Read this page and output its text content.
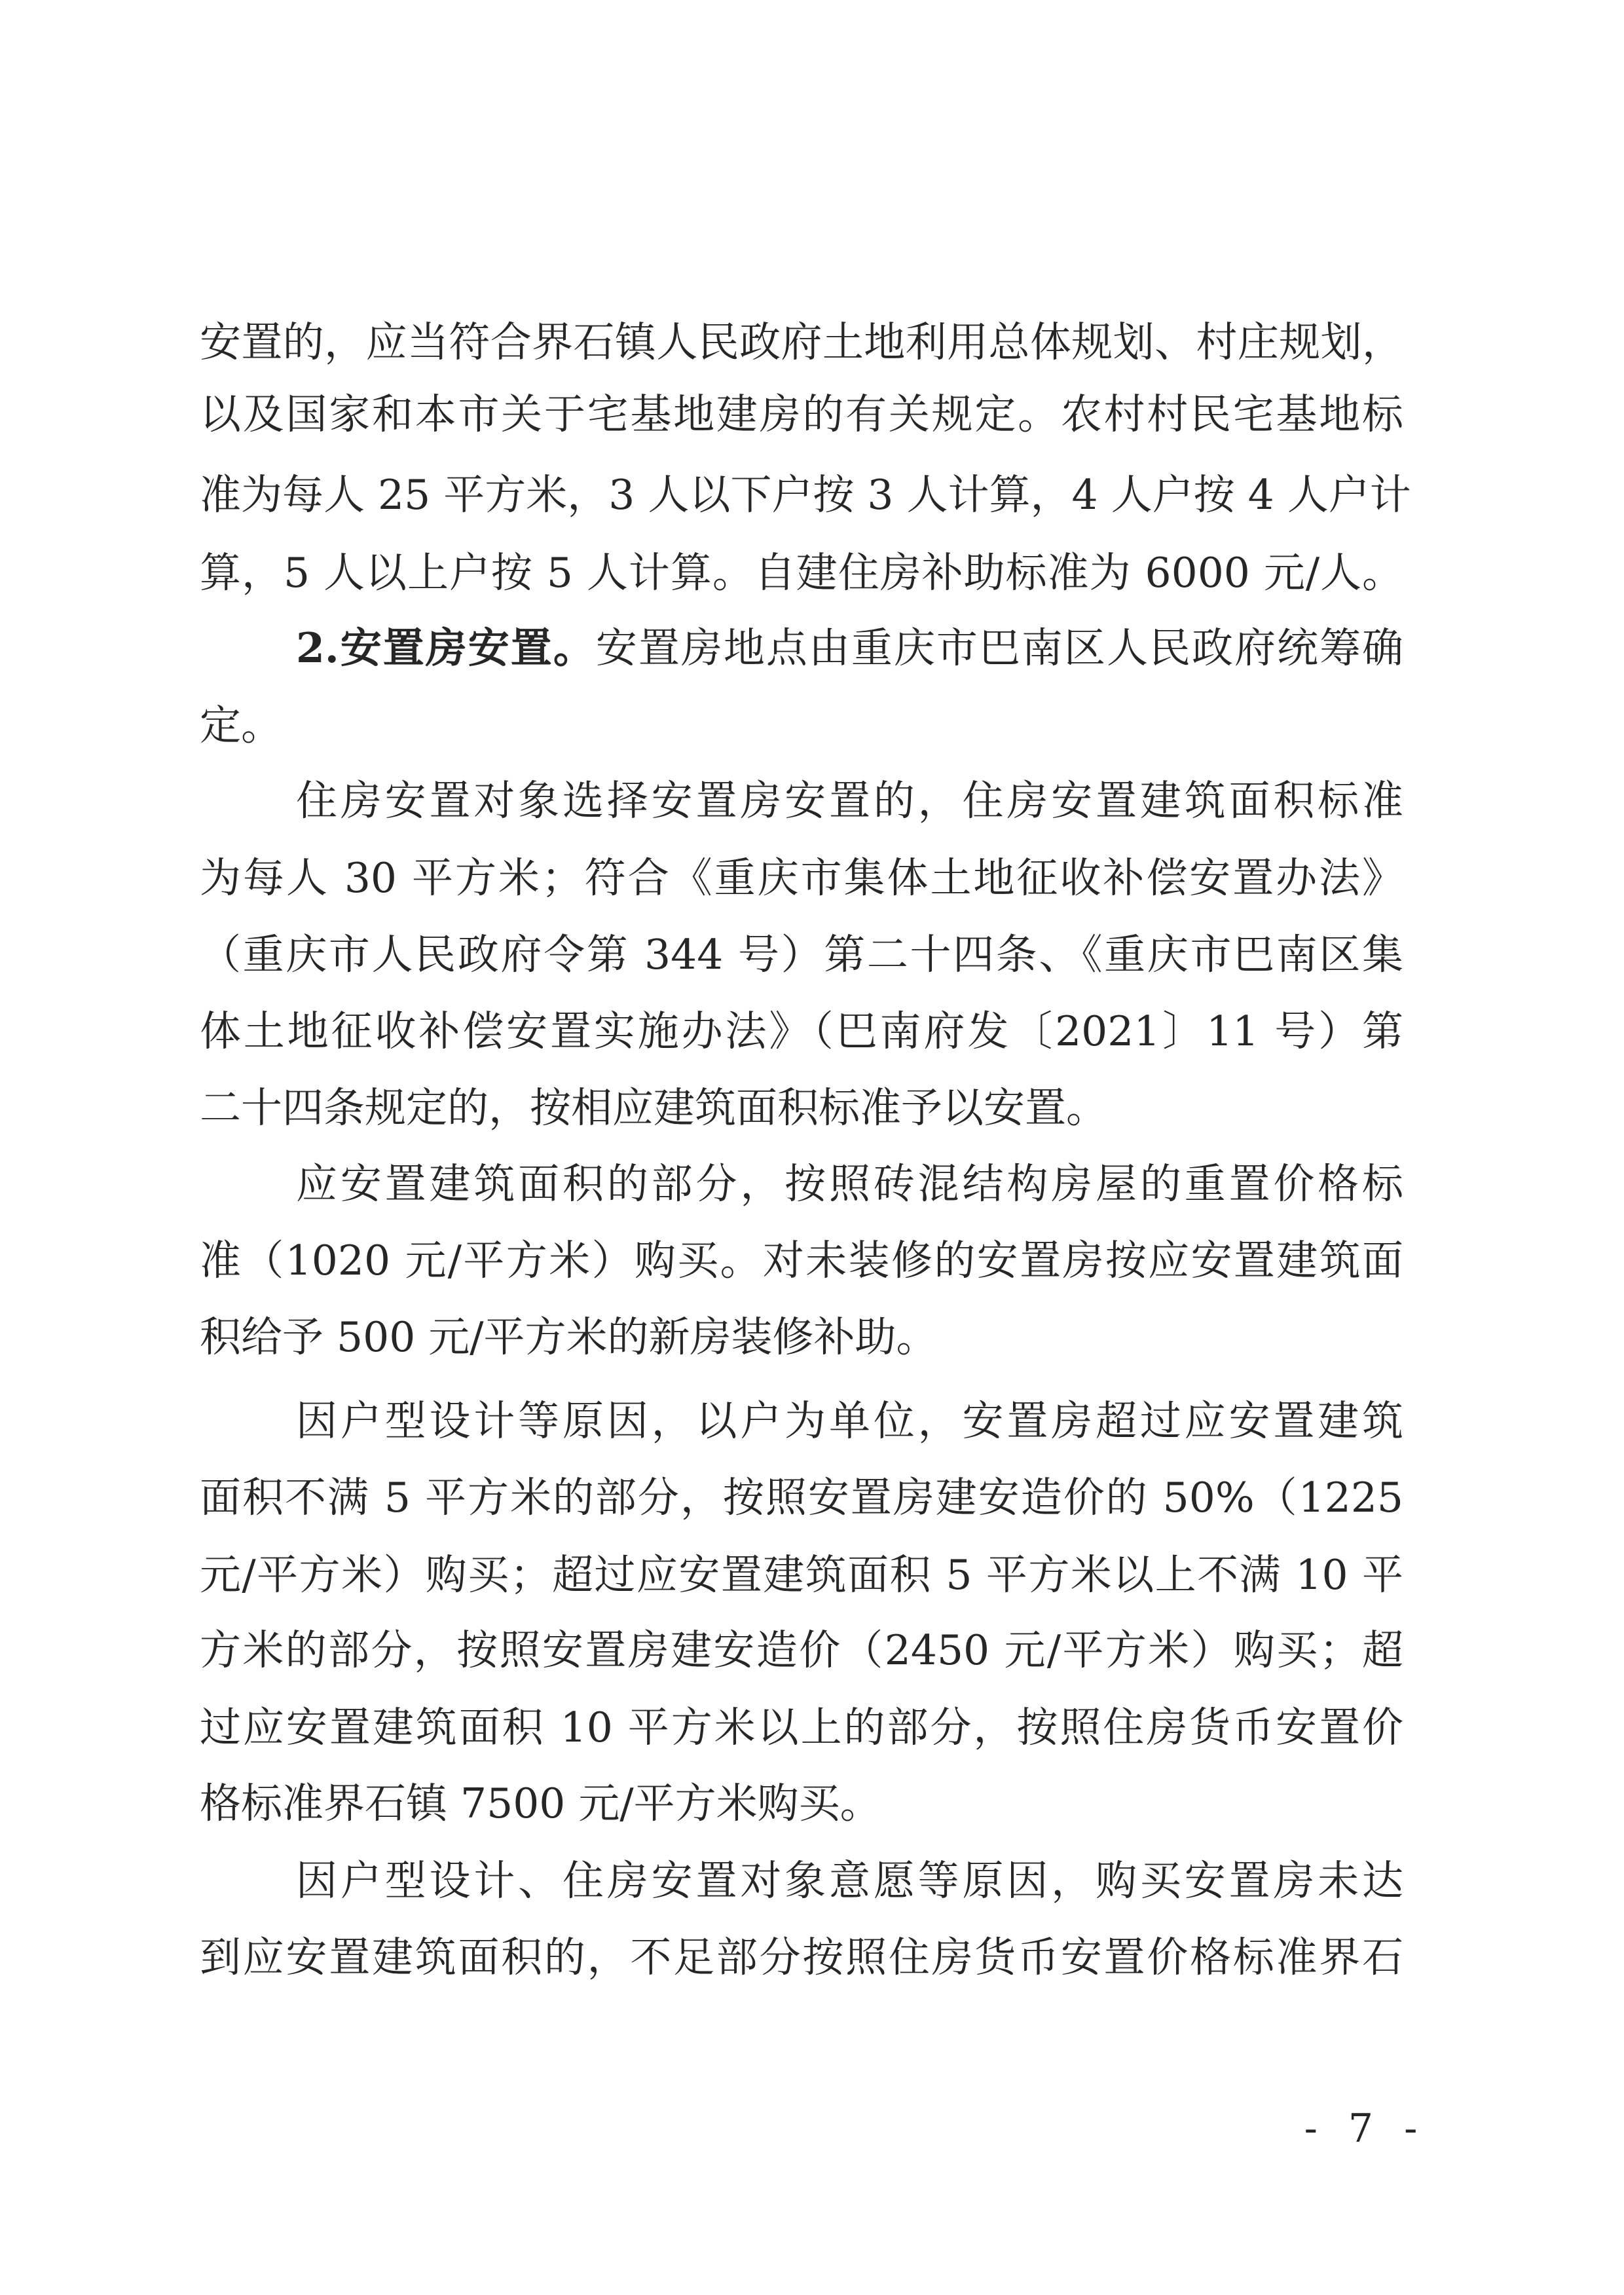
安置的，应当符合界石镇人民政府土地利用总体规划、村庄规划，
以及国家和本市关于宅基地建房的有关规定。农村村民宅基地标
准为每人 25 平方米，3 人以下户按 3 人计算，4 人户按 4 人户计
算，5 人以上户按 5 人计算。自建住房补助标准为 6000 元/人。
2.安置房安置。安置房地点由重庆市巴南区人民政府统筹确
定。
住房安置对象选择安置房安置的，住房安置建筑面积标准
为每人 30 平方米；符合《重庆市集体土地征收补偿安置办法》
（重庆市人民政府令第 344 号）第二十四条、《重庆市巴南区集
体土地征收补偿安置实施办法》（巴南府发〔2021〕11 号）第
二十四条规定的，按相应建筑面积标准予以安置。
应安置建筑面积的部分，按照砖混结构房屋的重置价格标
准（1020 元/平方米）购买。对未装修的安置房按应安置建筑面
积给予 500 元/平方米的新房装修补助。
因户型设计等原因，以户为单位，安置房超过应安置建筑
面积不满 5 平方米的部分，按照安置房建安造价的 50%（1225
元/平方米）购买；超过应安置建筑面积 5 平方米以上不满 10 平
方米的部分，按照安置房建安造价（2450 元/平方米）购买；超
过应安置建筑面积 10 平方米以上的部分，按照住房货币安置价
格标准界石镇 7500 元/平方米购买。
因户型设计、住房安置对象意愿等原因，购买安置房未达
到应安置建筑面积的，不足部分按照住房货币安置价格标准界石
- 7 -
